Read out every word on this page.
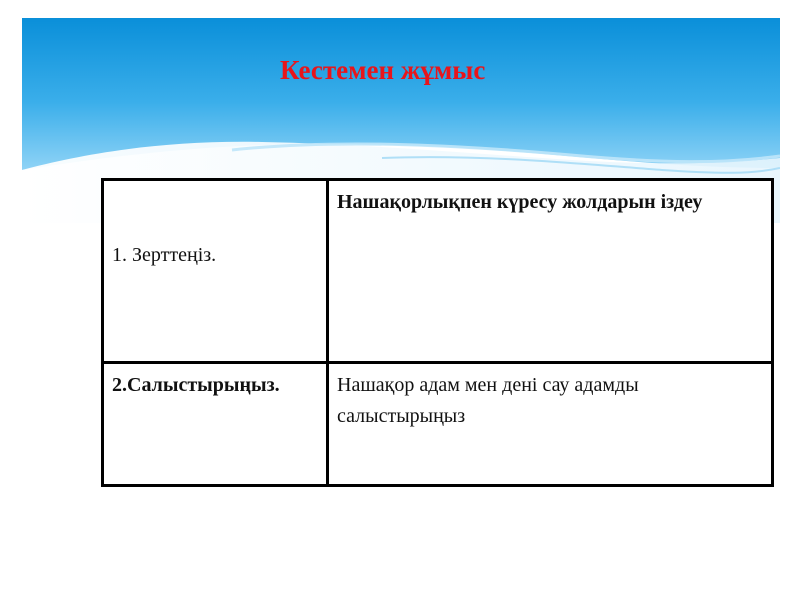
Кестемен жұмыс
1. Зерттеңіз.	Нашақорлықпен күресу жолдарын іздеу
2.Салыстырыңыз.	Нашақор адам мен дені сау адамды салыстырыңыз
